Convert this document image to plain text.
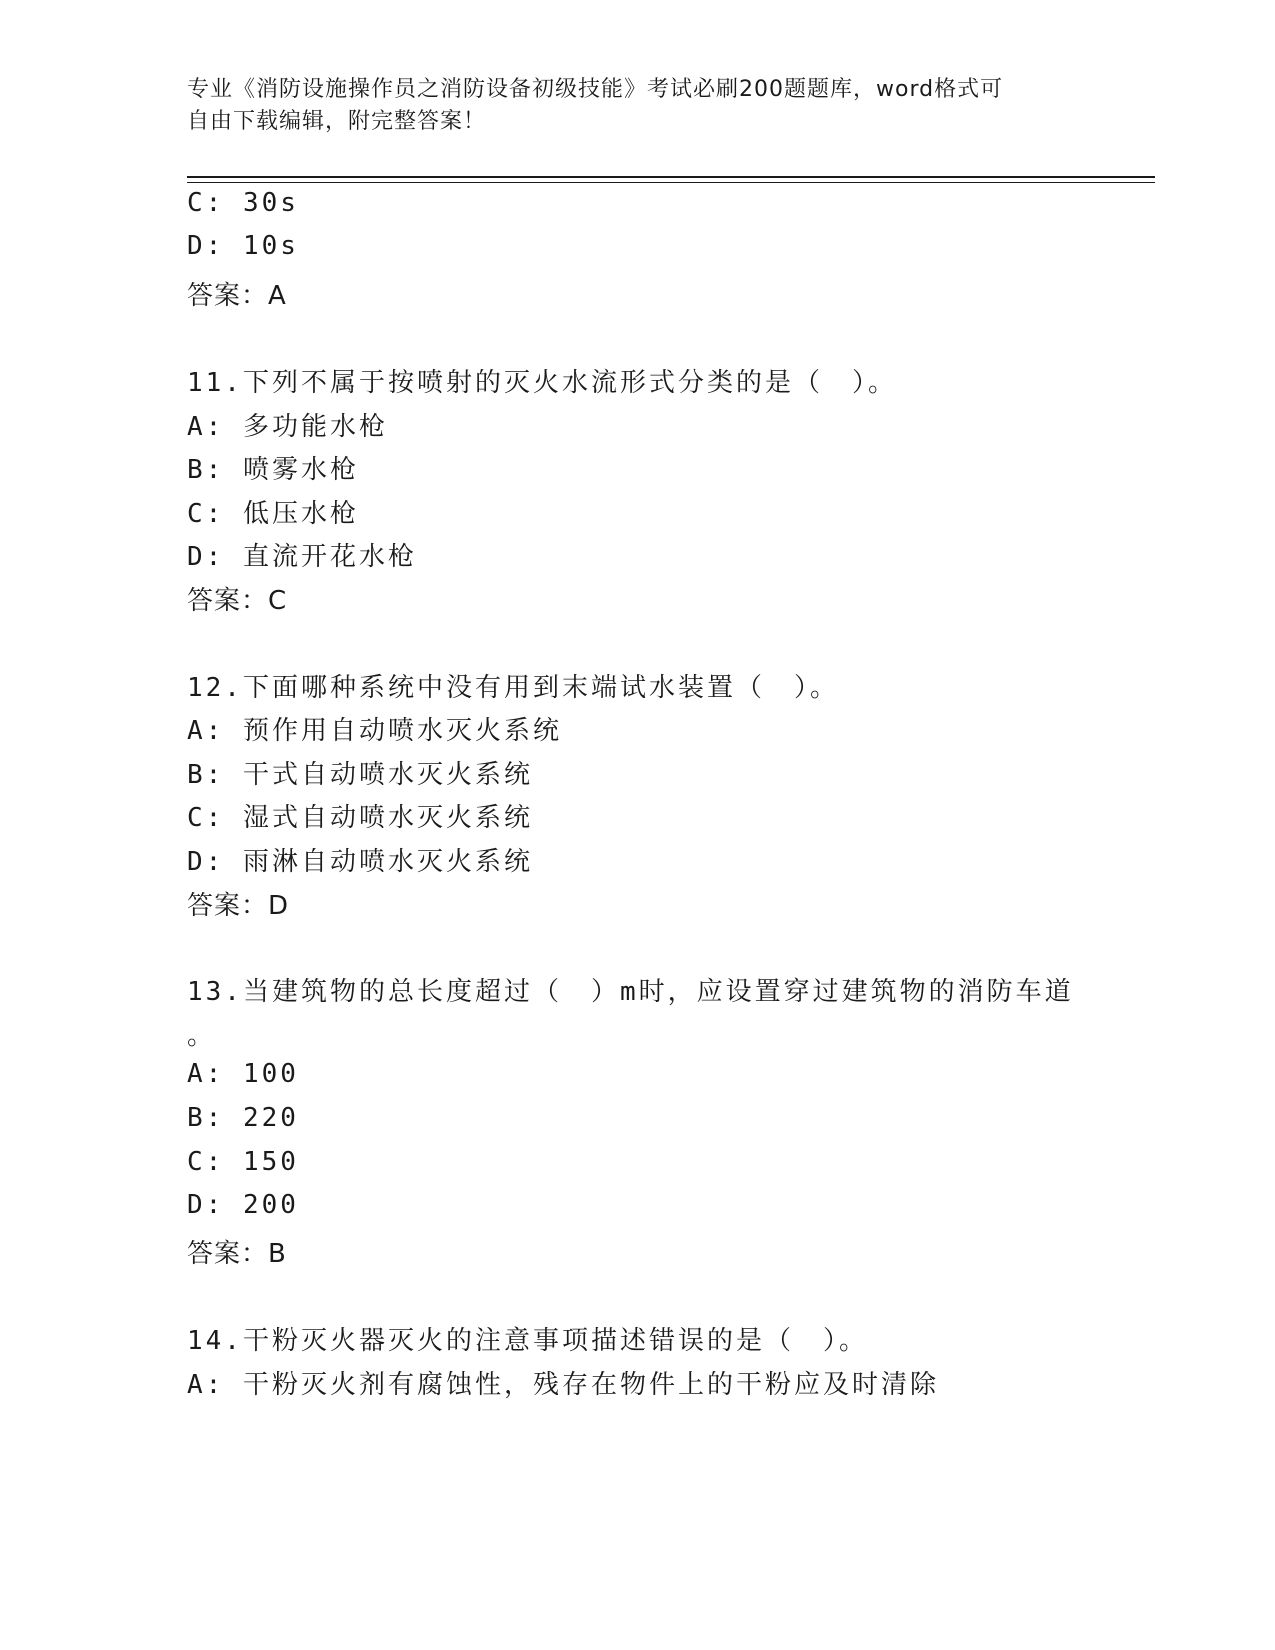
专业《消防设施操作员之消防设备初级技能》考试必刷200题题库，word格式可
自由下载编辑，附完整答案！
C: 30s
D: 10s
答案：A
11.下列不属于按喷射的灭火水流形式分类的是（　）。
A: 多功能水枪
B: 喷雾水枪
C: 低压水枪
D: 直流开花水枪
答案：C
12.下面哪种系统中没有用到末端试水装置（　）。
A: 预作用自动喷水灭火系统
B: 干式自动喷水灭火系统
C: 湿式自动喷水灭火系统
D: 雨淋自动喷水灭火系统
答案：D
13.当建筑物的总长度超过（　）m时，应设置穿过建筑物的消防车道
。
A: 100
B: 220
C: 150
D: 200
答案：B
14.干粉灭火器灭火的注意事项描述错误的是（　）。
A: 干粉灭火剂有腐蚀性，残存在物件上的干粉应及时清除
